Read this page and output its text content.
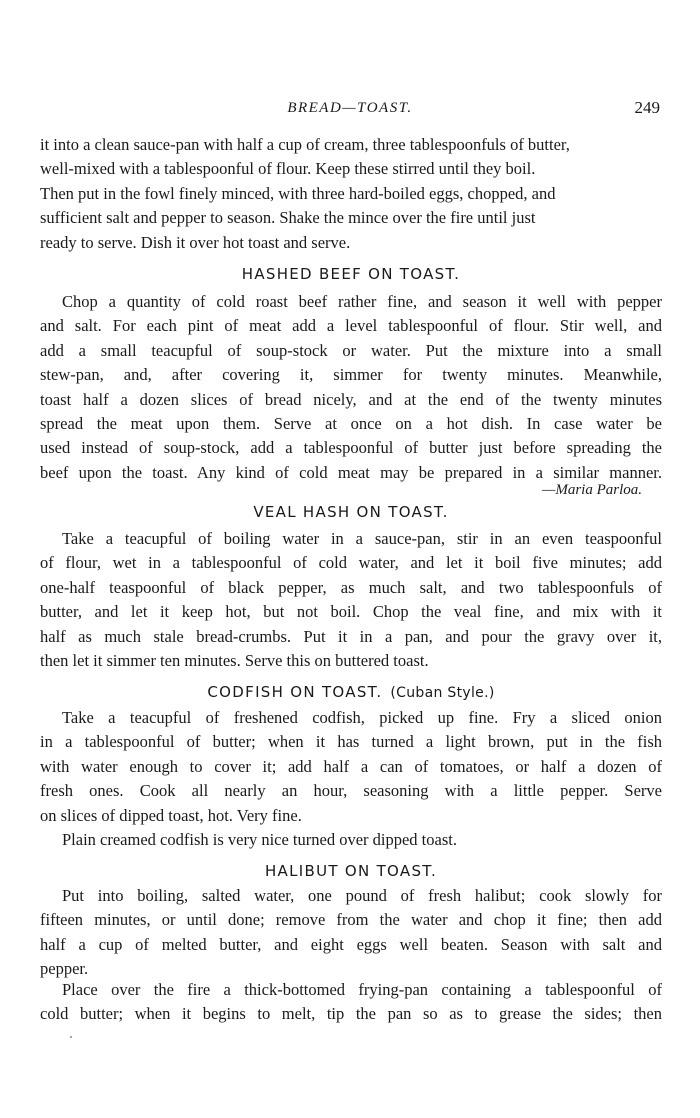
BREAD—TOAST.	249
it into a clean sauce-pan with half a cup of cream, three tablespoonfuls of butter,
well-mixed with a tablespoonful of flour. Keep these stirred until they boil.
Then put in the fowl finely minced, with three hard-boiled eggs, chopped, and
sufficient salt and pepper to season. Shake the mince over the fire until just
ready to serve. Dish it over hot toast and serve.
HASHED BEEF ON TOAST.
Chop a quantity of cold roast beef rather fine, and season it well with pepper
and salt. For each pint of meat add a level tablespoonful of flour. Stir well, and
add a small teacupful of soup-stock or water. Put the mixture into a small
stew-pan, and, after covering it, simmer for twenty minutes. Meanwhile,
toast half a dozen slices of bread nicely, and at the end of the twenty minutes
spread the meat upon them. Serve at once on a hot dish. In case water be
used instead of soup-stock, add a tablespoonful of butter just before spreading the
beef upon the toast. Any kind of cold meat may be prepared in a similar manner.
—Maria Parloa.
VEAL HASH ON TOAST.
Take a teacupful of boiling water in a sauce-pan, stir in an even teaspoonful
of flour, wet in a tablespoonful of cold water, and let it boil five minutes; add
one-half teaspoonful of black pepper, as much salt, and two tablespoonfuls of
butter, and let it keep hot, but not boil. Chop the veal fine, and mix with it
half as much stale bread-crumbs. Put it in a pan, and pour the gravy over it,
then let it simmer ten minutes. Serve this on buttered toast.
CODFISH ON TOAST. (Cuban Style.)
Take a teacupful of freshened codfish, picked up fine. Fry a sliced onion
in a tablespoonful of butter; when it has turned a light brown, put in the fish
with water enough to cover it; add half a can of tomatoes, or half a dozen of
fresh ones. Cook all nearly an hour, seasoning with a little pepper. Serve
on slices of dipped toast, hot. Very fine.
Plain creamed codfish is very nice turned over dipped toast.
HALIBUT ON TOAST.
Put into boiling, salted water, one pound of fresh halibut; cook slowly for
fifteen minutes, or until done; remove from the water and chop it fine; then add
half a cup of melted butter, and eight eggs well beaten. Season with salt and
pepper.
Place over the fire a thick-bottomed frying-pan containing a tablespoonful of
cold butter; when it begins to melt, tip the pan so as to grease the sides; then
